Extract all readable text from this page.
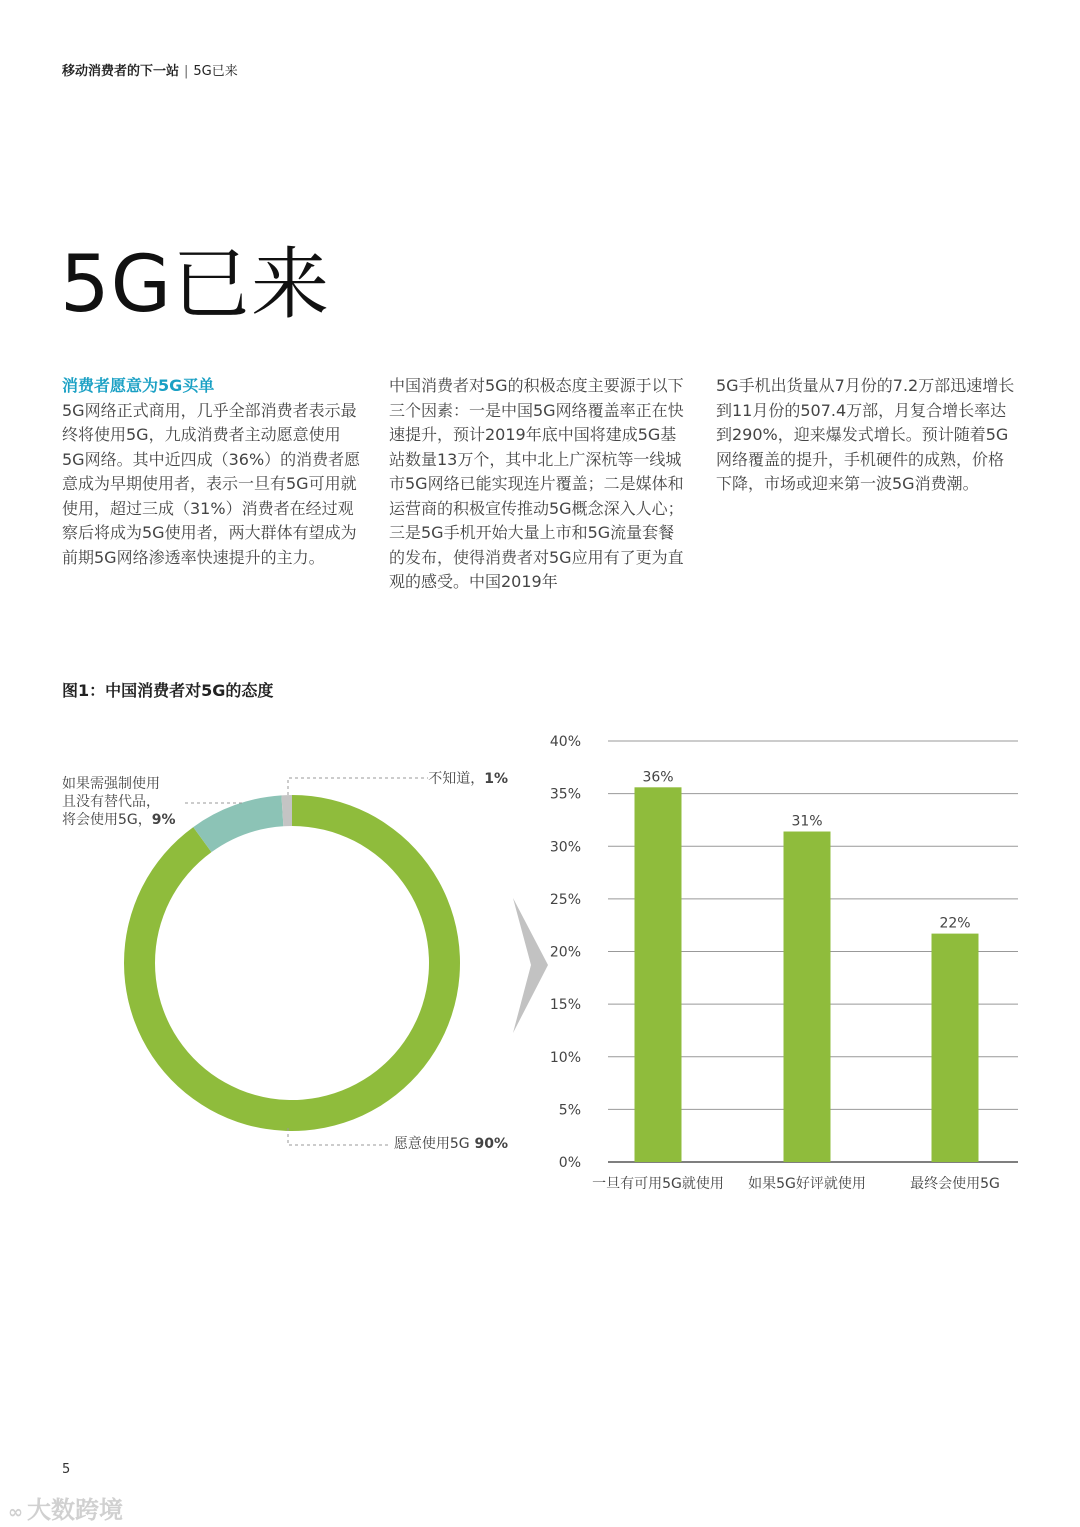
移动消费者的下一站 | 5G已来
5G已来

消费者愿意为5G买单

5G网络正式商用，几乎全部消费者表示最终将使用5G，九成消费者主动愿意使用5G网络。其中近四成（36%）的消费者愿意成为早期使用者，表示一旦有5G可用就使用，超过三成（31%）消费者在经过观察后将成为5G使用者，两大群体有望成为前期5G网络渗透率快速提升的主力。

中国消费者对5G的积极态度主要源于以下三个因素：一是中国5G网络覆盖率正在快速提升，预计2019年底中国将建成5G基站数量13万个，其中北上广深杭等一线城市5G网络已能实现连片覆盖；二是媒体和运营商的积极宣传推动5G概念深入人心；三是5G手机开始大量上市和5G流量套餐的发布，使得消费者对5G应用有了更为直观的感受。中国2019年

5G手机出货量从7月份的7.2万部迅速增长到11月份的507.4万部，月复合增长率达到290%，迎来爆发式增长。预计随着5G网络覆盖的提升，手机硬件的成熟，价格下降，市场或迎来第一波5G消费潮。

图1：中国消费者对5G的态度
愿意使用5G 90%
如果需强制使用
且没有替代品，
将会使用5G，9%
不知道，1%
0%
5%
10%
15%
20%
25%
30%
35%
40%
36%
一旦有可用5G就使用
31%
如果5G好评就使用
22%
最终会使用5G
5
∞ 大数跨境
